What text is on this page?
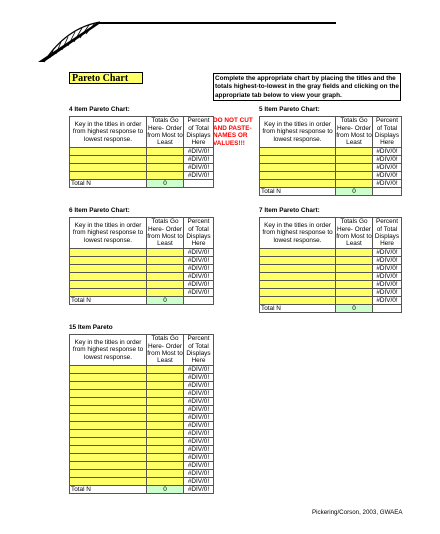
Pareto Chart	Complete the appropriate chart by placing the titles and the totals highest-to-lowest in the gray fields and clicking on the appropriate tab below to view your graph.
DO NOT CUT AND PASTE- NAMES OR VALUES!!!
Pickering/Corson, 2003, GWAEA
4 Item Pareto Chart:
Key in the titles in order from highest response to lowest response.	Totals Go Here- Order from Most to Least	Percent of Total Displays Here
		#DIV/0!
		#DIV/0!
		#DIV/0!
		#DIV/0!
Total N	0	
5 Item Pareto Chart:
Key in the titles in order from highest response to lowest response.	Totals Go Here- Order from Most to Least	Percent of Total Displays Here
		#DIV/0!
		#DIV/0!
		#DIV/0!
		#DIV/0!
		#DIV/0!
Total N	0	
6 Item Pareto Chart:
Key in the titles in order from highest response to lowest response.	Totals Go Here- Order from Most to Least	Percent of Total Displays Here
		#DIV/0!
		#DIV/0!
		#DIV/0!
		#DIV/0!
		#DIV/0!
		#DIV/0!
Total N	0	
7 Item Pareto Chart:
Key in the titles in order from highest response to lowest response.	Totals Go Here- Order from Most to Least	Percent of Total Displays Here
		#DIV/0!
		#DIV/0!
		#DIV/0!
		#DIV/0!
		#DIV/0!
		#DIV/0!
		#DIV/0!
Total N	0	
15 Item Pareto
Key in the titles in order from highest response to lowest response.	Totals Go Here- Order from Most to Least	Percent of Total Displays Here
		#DIV/0!
		#DIV/0!
		#DIV/0!
		#DIV/0!
		#DIV/0!
		#DIV/0!
		#DIV/0!
		#DIV/0!
		#DIV/0!
		#DIV/0!
		#DIV/0!
		#DIV/0!
		#DIV/0!
		#DIV/0!
		#DIV/0!
Total N	0	#DIV/0!
